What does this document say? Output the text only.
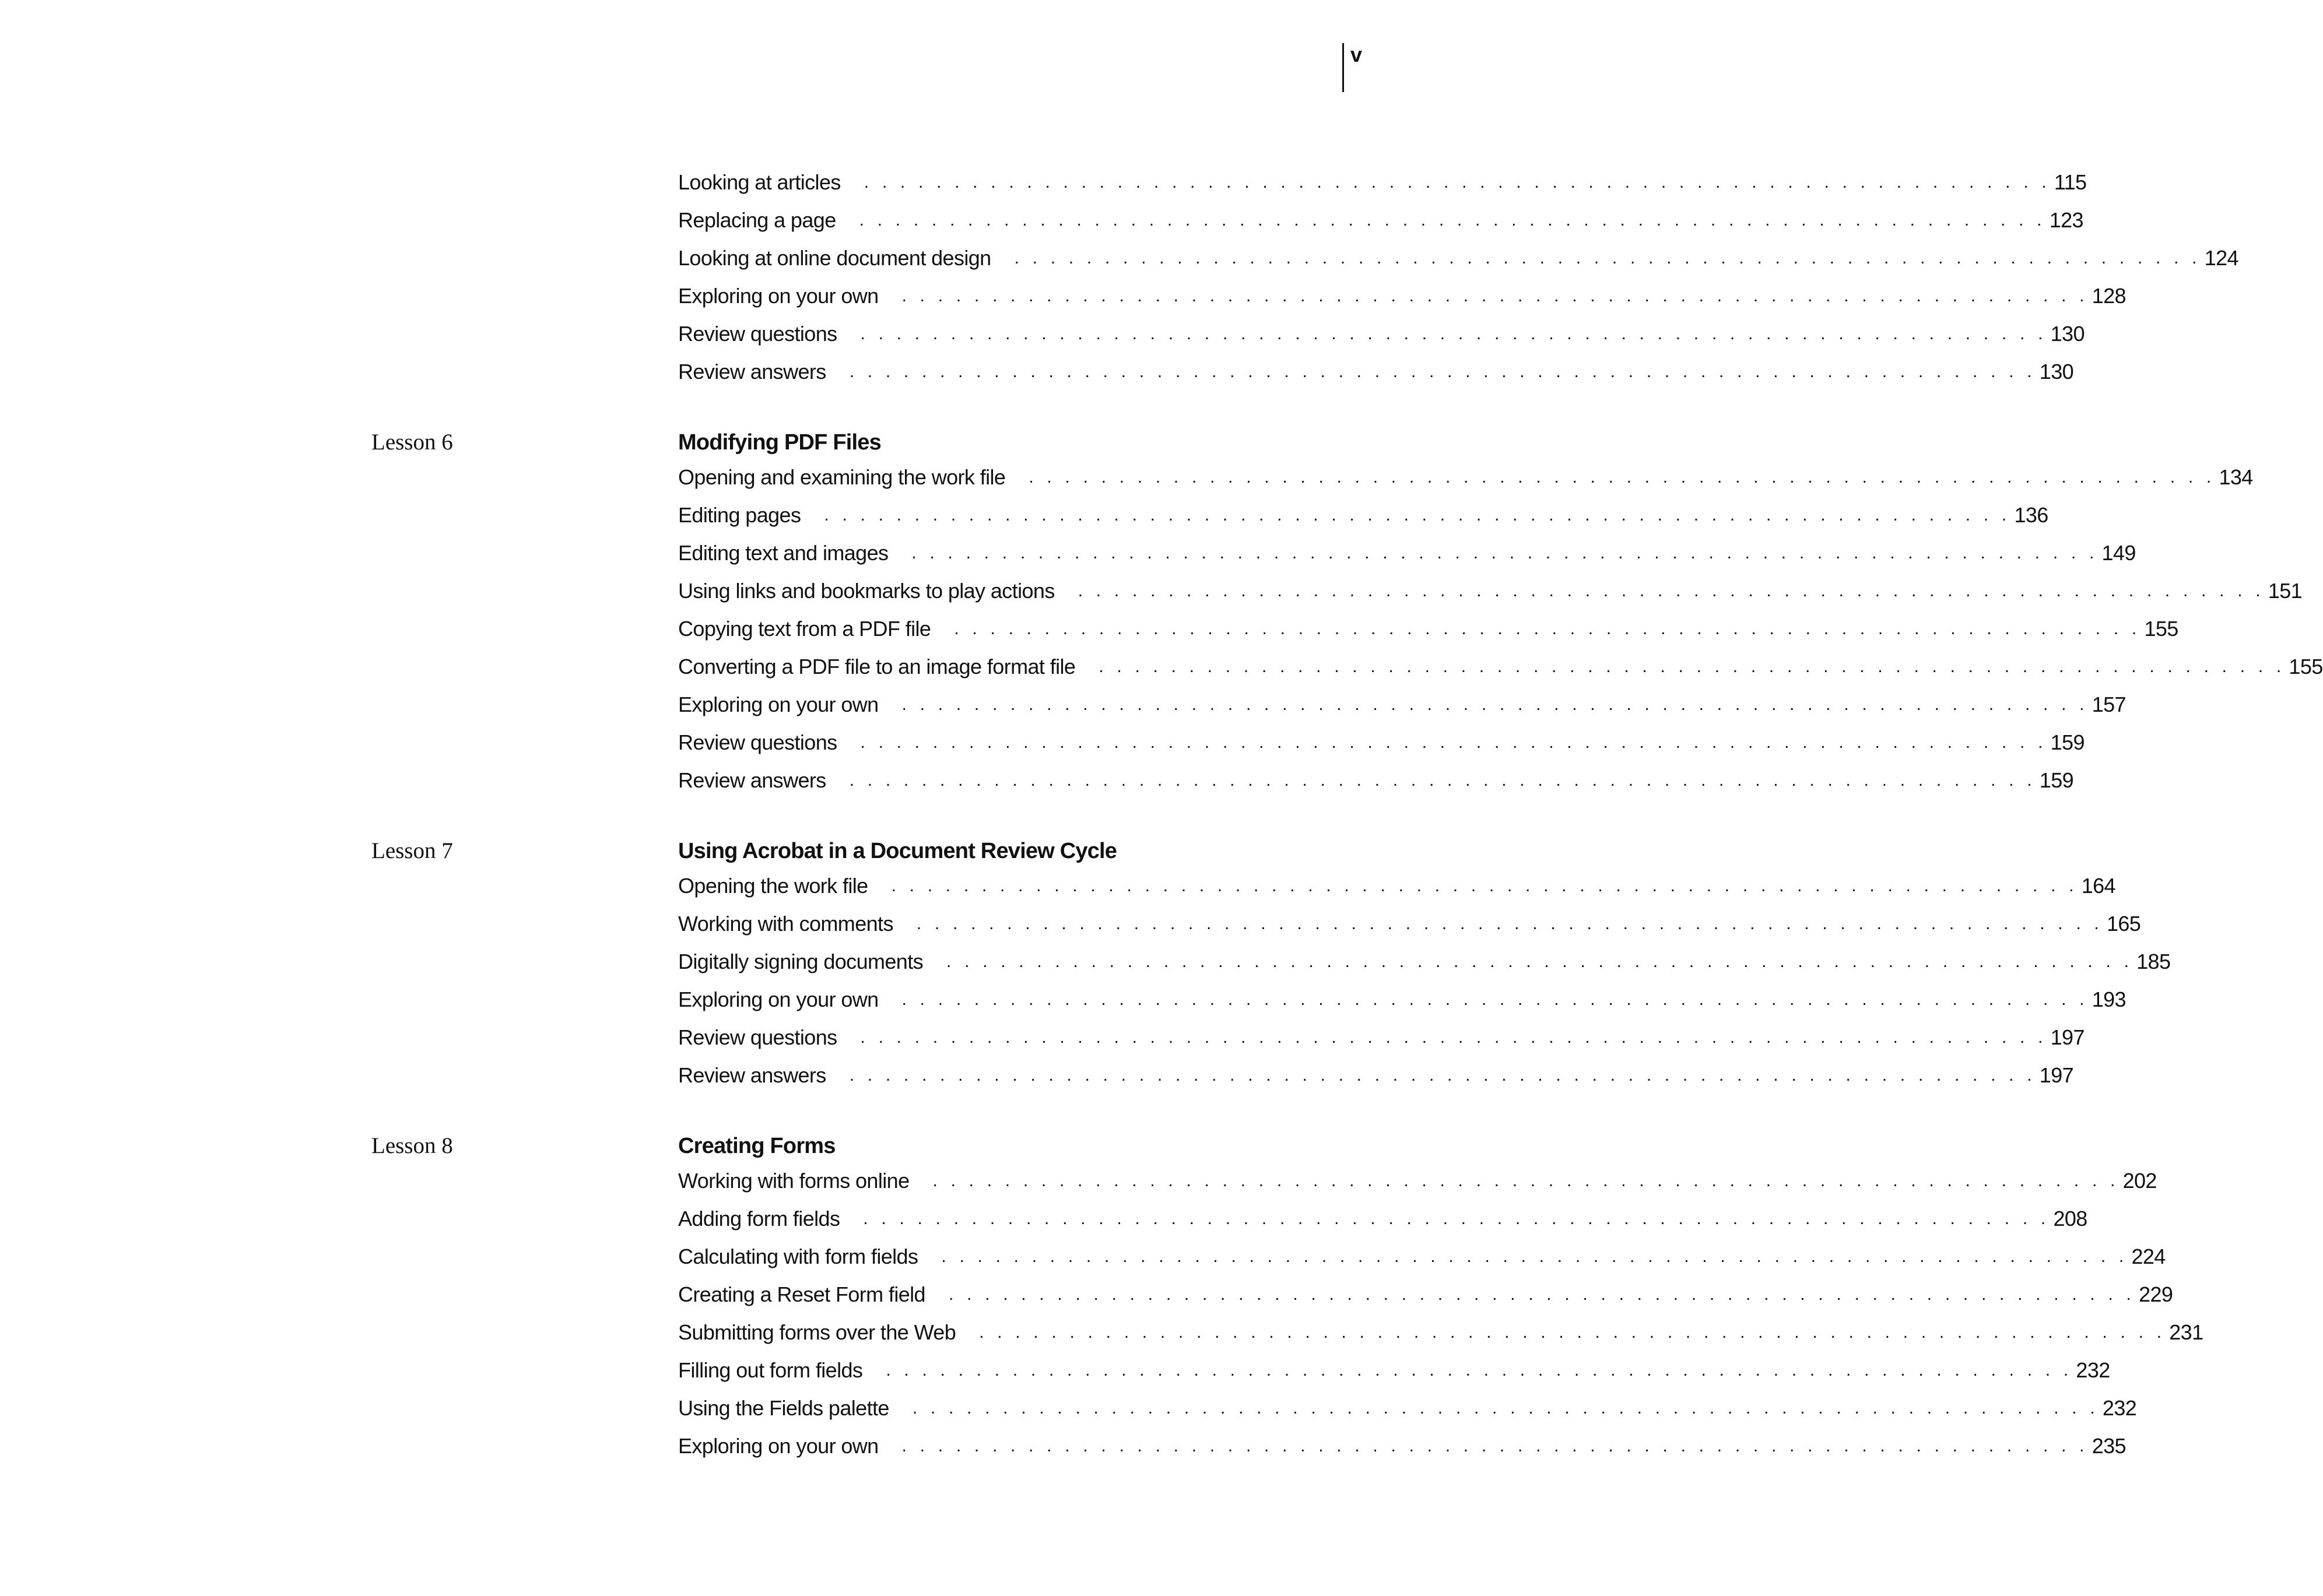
v
Looking at articles . . . . . . . . . . . . . . . . . . . . . . . . . . . . . . . . . . . . . . . . . . . . . . . . . . . . . . . . . . . . . . . . . . 115
Replacing a page . . . . . . . . . . . . . . . . . . . . . . . . . . . . . . . . . . . . . . . . . . . . . . . . . . . . . . . . . . . . . . . . . . 123
Looking at online document design . . . . . . . . . . . . . . . . . . . . . . . . . . . . . . . . . . . . . . . . . . . . . . . . . . . . . . . . . . . . . . . . . . 124
Exploring on your own . . . . . . . . . . . . . . . . . . . . . . . . . . . . . . . . . . . . . . . . . . . . . . . . . . . . . . . . . . . . . . . . . . 128
Review questions . . . . . . . . . . . . . . . . . . . . . . . . . . . . . . . . . . . . . . . . . . . . . . . . . . . . . . . . . . . . . . . . . . 130
Review answers . . . . . . . . . . . . . . . . . . . . . . . . . . . . . . . . . . . . . . . . . . . . . . . . . . . . . . . . . . . . . . . . . . 130
Lesson 6	Modifying PDF Files
Opening and examining the work file . . . . . . . . . . . . . . . . . . . . . . . . . . . . . . . . . . . . . . . . . . . . . . . . . . . . . . . . . . . . . . . . . . 134
Editing pages . . . . . . . . . . . . . . . . . . . . . . . . . . . . . . . . . . . . . . . . . . . . . . . . . . . . . . . . . . . . . . . . . . 136
Editing text and images . . . . . . . . . . . . . . . . . . . . . . . . . . . . . . . . . . . . . . . . . . . . . . . . . . . . . . . . . . . . . . . . . . 149
Using links and bookmarks to play actions . . . . . . . . . . . . . . . . . . . . . . . . . . . . . . . . . . . . . . . . . . . . . . . . . . . . . . . . . . . . . . . . . . 151
Copying text from a PDF file . . . . . . . . . . . . . . . . . . . . . . . . . . . . . . . . . . . . . . . . . . . . . . . . . . . . . . . . . . . . . . . . . . 155
Converting a PDF file to an image format file . . . . . . . . . . . . . . . . . . . . . . . . . . . . . . . . . . . . . . . . . . . . . . . . . . . . . . . . . . . . . . . . . . 155
Exploring on your own . . . . . . . . . . . . . . . . . . . . . . . . . . . . . . . . . . . . . . . . . . . . . . . . . . . . . . . . . . . . . . . . . . 157
Review questions . . . . . . . . . . . . . . . . . . . . . . . . . . . . . . . . . . . . . . . . . . . . . . . . . . . . . . . . . . . . . . . . . . 159
Review answers . . . . . . . . . . . . . . . . . . . . . . . . . . . . . . . . . . . . . . . . . . . . . . . . . . . . . . . . . . . . . . . . . . 159
Lesson 7	Using Acrobat in a Document Review Cycle
Opening the work file . . . . . . . . . . . . . . . . . . . . . . . . . . . . . . . . . . . . . . . . . . . . . . . . . . . . . . . . . . . . . . . . . . 164
Working with comments . . . . . . . . . . . . . . . . . . . . . . . . . . . . . . . . . . . . . . . . . . . . . . . . . . . . . . . . . . . . . . . . . . 165
Digitally signing documents . . . . . . . . . . . . . . . . . . . . . . . . . . . . . . . . . . . . . . . . . . . . . . . . . . . . . . . . . . . . . . . . . . 185
Exploring on your own . . . . . . . . . . . . . . . . . . . . . . . . . . . . . . . . . . . . . . . . . . . . . . . . . . . . . . . . . . . . . . . . . . 193
Review questions . . . . . . . . . . . . . . . . . . . . . . . . . . . . . . . . . . . . . . . . . . . . . . . . . . . . . . . . . . . . . . . . . . 197
Review answers . . . . . . . . . . . . . . . . . . . . . . . . . . . . . . . . . . . . . . . . . . . . . . . . . . . . . . . . . . . . . . . . . . 197
Lesson 8	Creating Forms
Working with forms online . . . . . . . . . . . . . . . . . . . . . . . . . . . . . . . . . . . . . . . . . . . . . . . . . . . . . . . . . . . . . . . . . . 202
Adding form fields . . . . . . . . . . . . . . . . . . . . . . . . . . . . . . . . . . . . . . . . . . . . . . . . . . . . . . . . . . . . . . . . . . 208
Calculating with form fields . . . . . . . . . . . . . . . . . . . . . . . . . . . . . . . . . . . . . . . . . . . . . . . . . . . . . . . . . . . . . . . . . . 224
Creating a Reset Form field . . . . . . . . . . . . . . . . . . . . . . . . . . . . . . . . . . . . . . . . . . . . . . . . . . . . . . . . . . . . . . . . . . 229
Submitting forms over the Web . . . . . . . . . . . . . . . . . . . . . . . . . . . . . . . . . . . . . . . . . . . . . . . . . . . . . . . . . . . . . . . . . . 231
Filling out form fields . . . . . . . . . . . . . . . . . . . . . . . . . . . . . . . . . . . . . . . . . . . . . . . . . . . . . . . . . . . . . . . . . . 232
Using the Fields palette . . . . . . . . . . . . . . . . . . . . . . . . . . . . . . . . . . . . . . . . . . . . . . . . . . . . . . . . . . . . . . . . . . 232
Exploring on your own . . . . . . . . . . . . . . . . . . . . . . . . . . . . . . . . . . . . . . . . . . . . . . . . . . . . . . . . . . . . . . . . . . 235
